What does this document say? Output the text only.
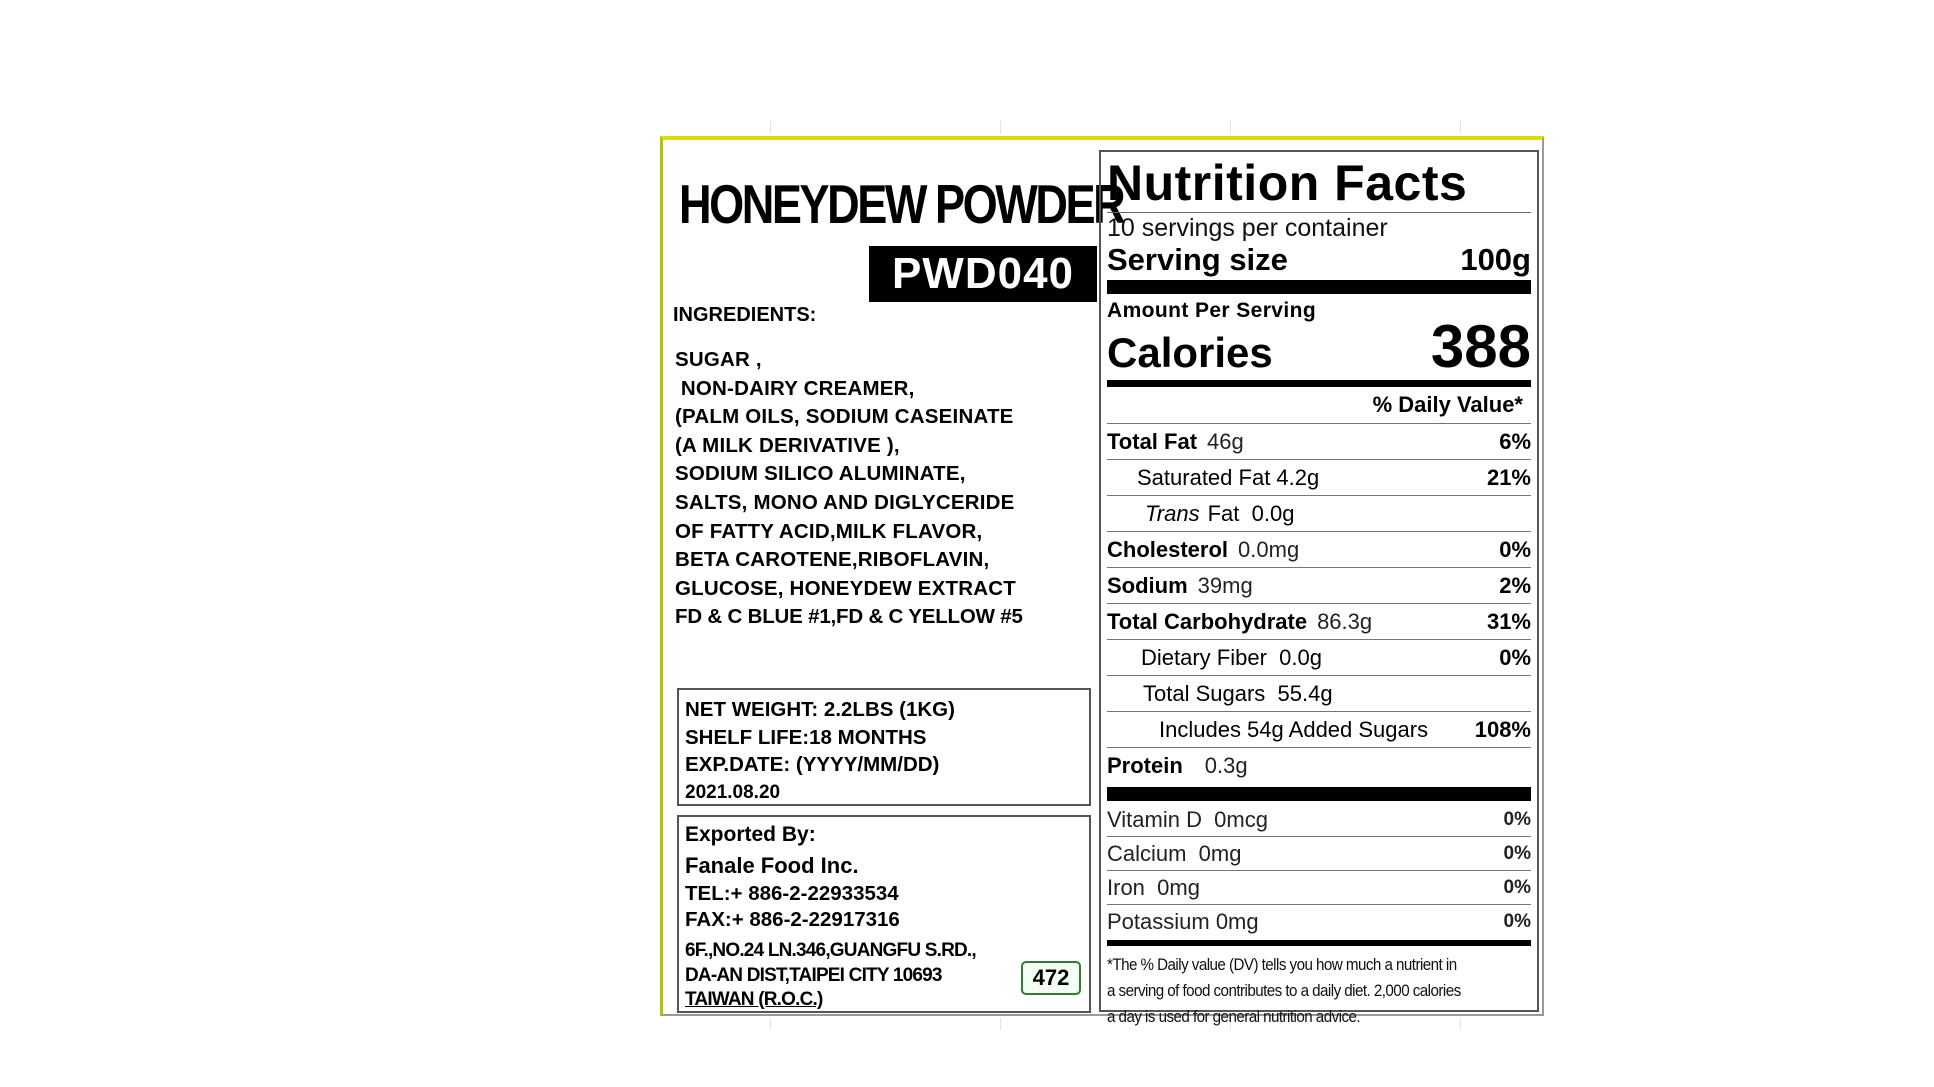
HONEYDEW POWDER
PWD040
INGREDIENTS:
SUGAR ,
NON-DAIRY CREAMER,
(PALM OILS, SODIUM CASEINATE
(A MILK DERIVATIVE ),
SODIUM SILICO ALUMINATE,
SALTS, MONO AND DIGLYCERIDE
OF FATTY ACID,MILK FLAVOR,
BETA CAROTENE,RIBOFLAVIN,
GLUCOSE, HONEYDEW EXTRACT
FD & C BLUE #1,FD & C YELLOW #5
NET WEIGHT: 2.2LBS (1KG)
SHELF LIFE:18 MONTHS
EXP.DATE: (YYYY/MM/DD)
2021.08.20
Exported By:
Fanale Food Inc.
TEL:+ 886-2-22933534
FAX:+ 886-2-22917316
6F.,NO.24 LN.346,GUANGFU S.RD.,
DA-AN DIST,TAIPEI CITY 10693
TAIWAN (R.O.C.)
472
Nutrition Facts
10 servings per container
Serving size	100g
Amount Per Serving
Calories	388
% Daily Value*
Total Fat 46g	6%
Saturated Fat 4.2g	21%
Trans Fat  0.0g
Cholesterol 0.0mg	0%
Sodium 39mg	2%
Total Carbohydrate 86.3g	31%
Dietary Fiber  0.0g	0%
Total Sugars  55.4g
Includes 54g Added Sugars 108%
Protein 0.3g
Vitamin D  0mcg	0%
Calcium  0mg	0%
Iron  0mg	0%
Potassium 0mg	0%
*The % Daily value (DV) tells you how much a nutrient in
a serving of food contributes to a daily diet. 2,000 calories
a day is used for general nutrition advice.
